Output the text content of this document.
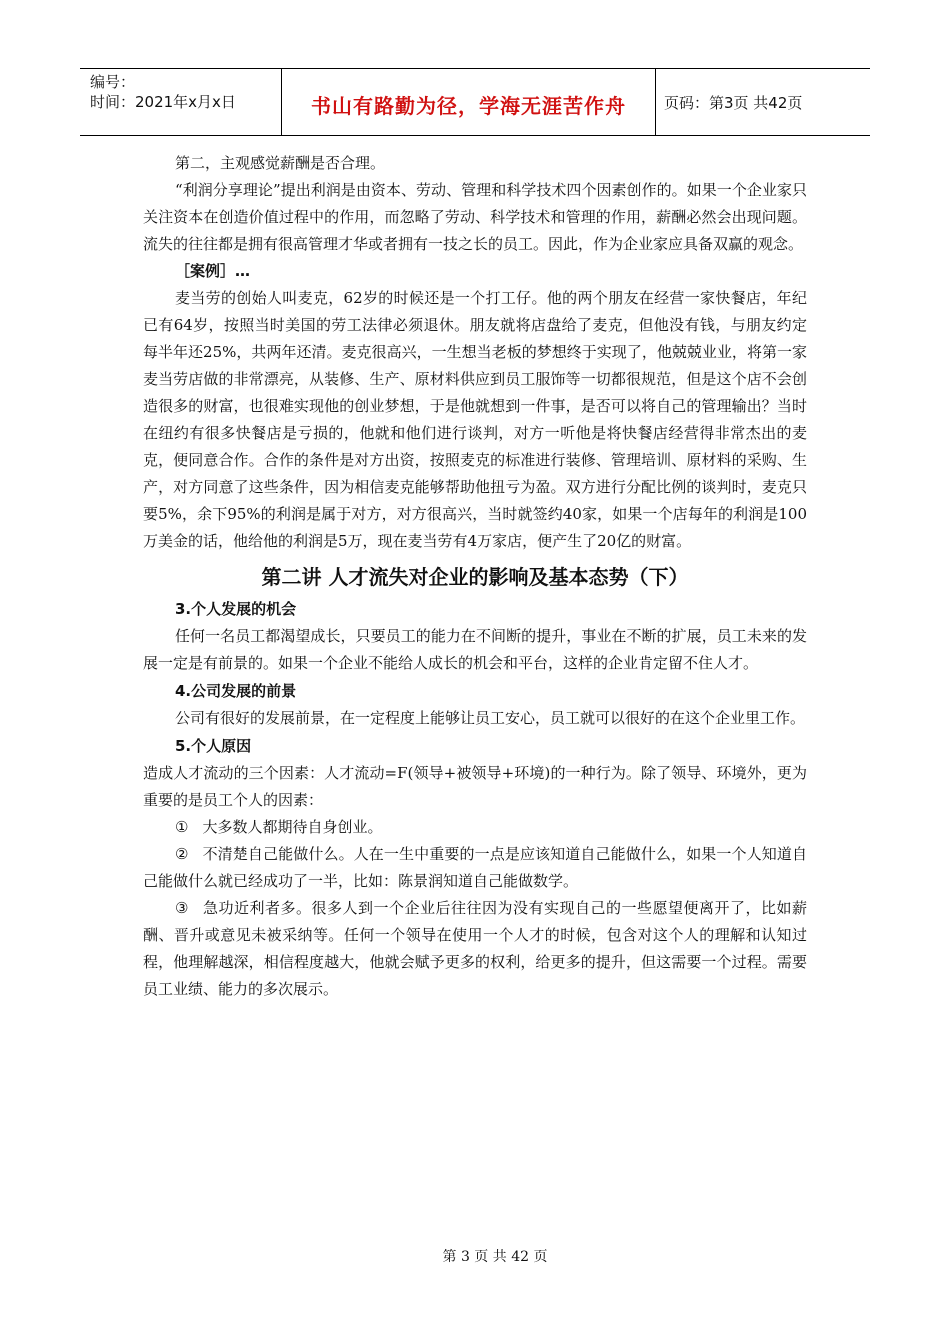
编号：
时间：2021年x月x日	书山有路勤为径，学海无涯苦作舟	页码：第3页 共42页

第二，主观感觉薪酬是否合理。

“利润分享理论”提出利润是由资本、劳动、管理和科学技术四个因素创作的。如果一个企业家只关注资本在创造价值过程中的作用，而忽略了劳动、科学技术和管理的作用，薪酬必然会出现问题。流失的往往都是拥有很高管理才华或者拥有一技之长的员工。因此，作为企业家应具备双赢的观念。

［案例］…

麦当劳的创始人叫麦克，62岁的时候还是一个打工仔。他的两个朋友在经营一家快餐店，年纪已有64岁，按照当时美国的劳工法律必须退休。朋友就将店盘给了麦克，但他没有钱，与朋友约定每半年还25%，共两年还清。麦克很高兴，一生想当老板的梦想终于实现了，他兢兢业业，将第一家麦当劳店做的非常漂亮，从装修、生产、原材料供应到员工服饰等一切都很规范，但是这个店不会创造很多的财富，也很难实现他的创业梦想，于是他就想到一件事，是否可以将自己的管理输出？当时在纽约有很多快餐店是亏损的，他就和他们进行谈判，对方一听他是将快餐店经营得非常杰出的麦克，便同意合作。合作的条件是对方出资，按照麦克的标准进行装修、管理培训、原材料的采购、生产，对方同意了这些条件，因为相信麦克能够帮助他扭亏为盈。双方进行分配比例的谈判时，麦克只要5%，余下95%的利润是属于对方，对方很高兴，当时就签约40家，如果一个店每年的利润是100万美金的话，他给他的利润是5万，现在麦当劳有4万家店，便产生了20亿的财富。

第二讲 人才流失对企业的影响及基本态势（下）

3.个人发展的机会

任何一名员工都渴望成长，只要员工的能力在不间断的提升，事业在不断的扩展，员工未来的发展一定是有前景的。如果一个企业不能给人成长的机会和平台，这样的企业肯定留不住人才。

4.公司发展的前景

公司有很好的发展前景，在一定程度上能够让员工安心，员工就可以很好的在这个企业里工作。

5.个人原因

造成人才流动的三个因素：人才流动=F(领导+被领导+环境)的一种行为。除了领导、环境外，更为重要的是员工个人的因素：

① 大多数人都期待自身创业。

② 不清楚自己能做什么。人在一生中重要的一点是应该知道自己能做什么，如果一个人知道自己能做什么就已经成功了一半，比如：陈景润知道自己能做数学。

③ 急功近利者多。很多人到一个企业后往往因为没有实现自己的一些愿望便离开了，比如薪酬、晋升或意见未被采纳等。任何一个领导在使用一个人才的时候，包含对这个人的理解和认知过程，他理解越深，相信程度越大，他就会赋予更多的权利，给更多的提升，但这需要一个过程。需要员工业绩、能力的多次展示。

第 3 页 共 42 页
